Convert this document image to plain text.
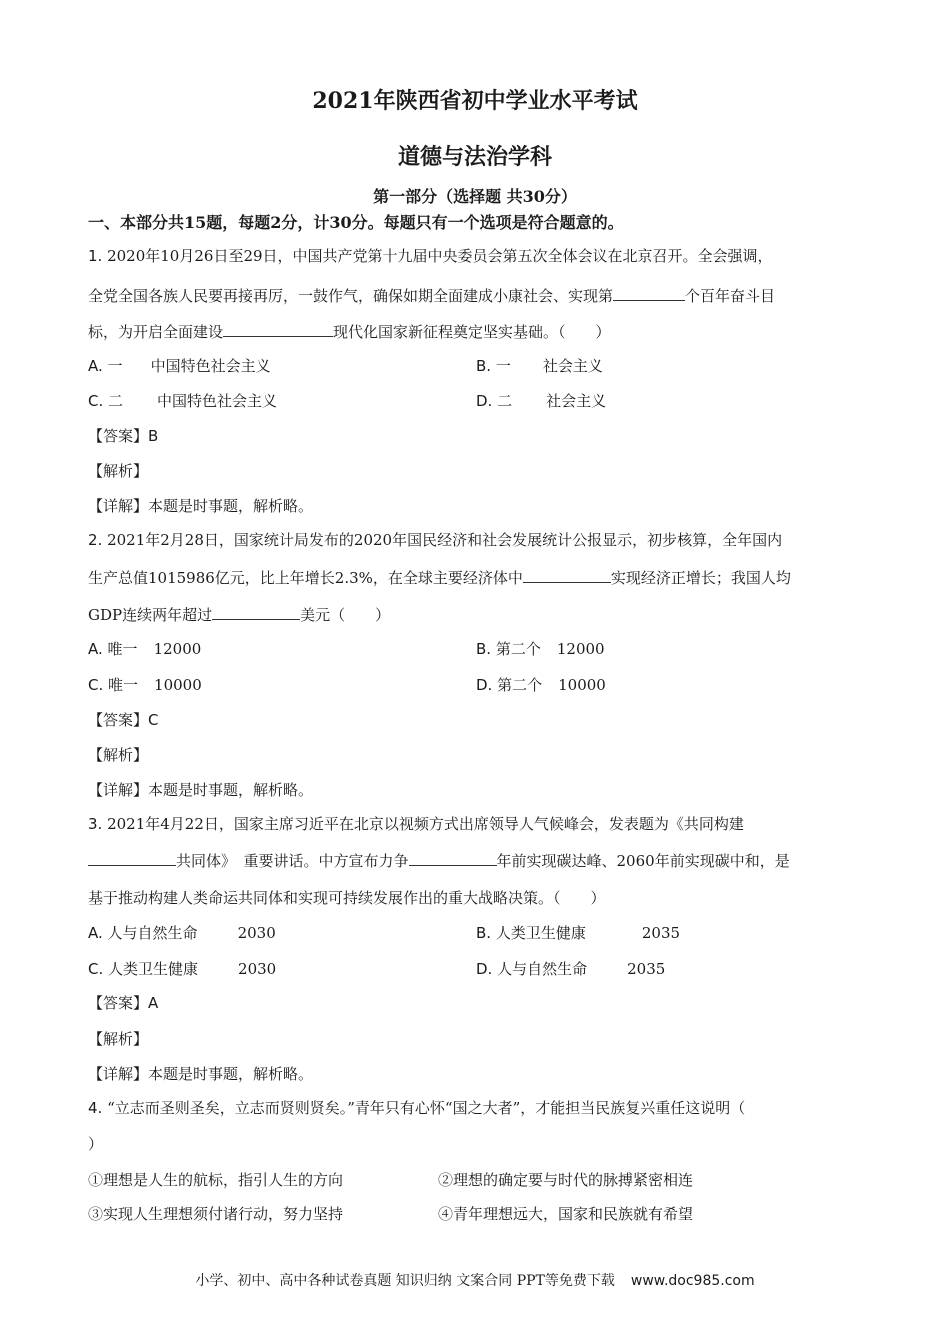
2021年陕西省初中学业水平考试
道德与法治学科
第一部分（选择题 共30分）
一、本部分共15题，每题2分，计30分。每题只有一个选项是符合题意的。
1. 2020年10月26日至29日，中国共产党第十九届中央委员会第五次全体会议在北京召开。全会强调，
全党全国各族人民要再接再厉，一鼓作气，确保如期全面建成小康社会、实现第	个百年奋斗目
标，为开启全面建设	现代化国家新征程奠定坚实基础。（　　）
A. 一 中国特色社会主义	B. 一 社会主义
C. 二 中国特色社会主义	D. 二 社会主义
【答案】B
【解析】
【详解】本题是时事题，解析略。
2. 2021年2月28日，国家统计局发布的2020年国民经济和社会发展统计公报显示，初步核算，全年国内
生产总值1015986亿元，比上年增长2.3%，在全球主要经济体中	实现经济正增长；我国人均
GDP连续两年超过	美元（　　）
A. 唯一 12000	B. 第二个 12000
C. 唯一 10000	D. 第二个 10000
【答案】C
【解析】
【详解】本题是时事题，解析略。
3. 2021年4月22日，国家主席习近平在北京以视频方式出席领导人气候峰会，发表题为《共同构建
共同体》　重要讲话。中方宣布力争	年前实现碳达峰、2060年前实现碳中和，是
基于推动构建人类命运共同体和实现可持续发展作出的重大战略决策。（　　）
A. 人与自然生命	2030	B. 人类卫生健康	2035
C. 人类卫生健康	2030	D. 人与自然生命	2035
【答案】A
【解析】
【详解】本题是时事题，解析略。
4. “立志而圣则圣矣，立志而贤则贤矣。”青年只有心怀“国之大者”，才能担当民族复兴重任这说明（
）
①理想是人生的航标，指引人生的方向	②理想的确定要与时代的脉搏紧密相连
③实现人生理想须付诸行动，努力坚持	④青年理想远大，国家和民族就有希望
小学、初中、高中各种试卷真题 知识归纳 文案合同 PPT等免费下载 www.doc985.com
